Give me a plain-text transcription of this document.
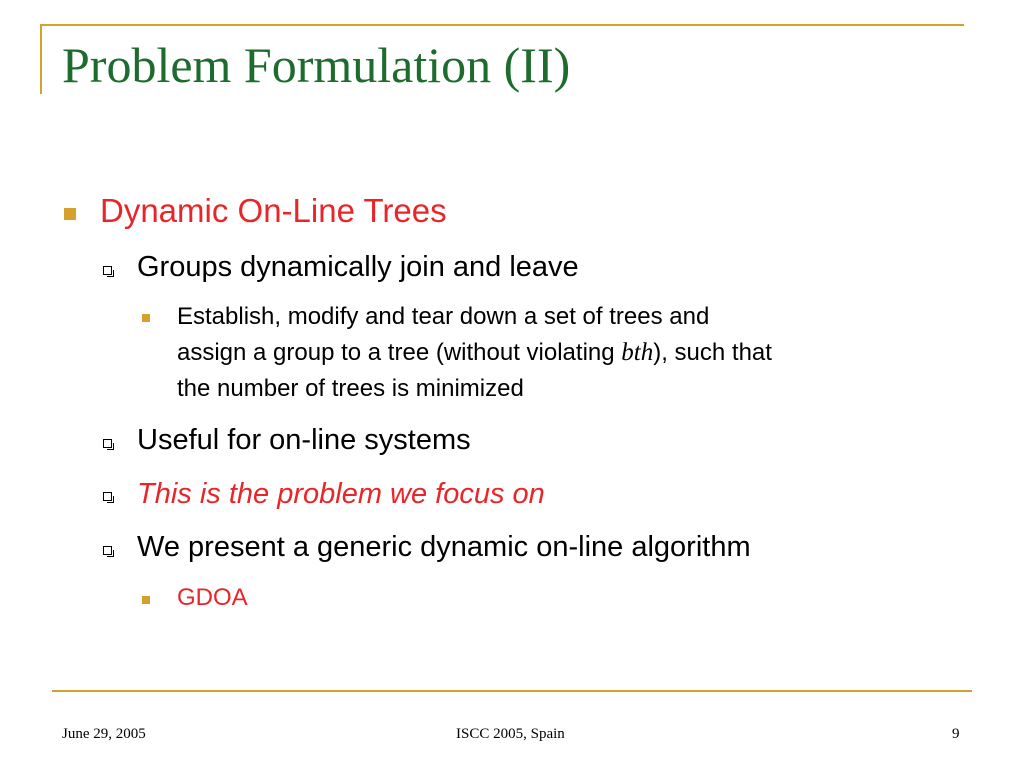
Problem Formulation (II)
Dynamic On-Line Trees
Groups dynamically join and leave
Establish, modify and tear down a set of trees and
assign a group to a tree (without violating bth), such that
the number of trees is minimized
Useful for on-line systems
This is the problem we focus on
We present a generic dynamic on-line algorithm
GDOA
June 29, 2005	ISCC 2005, Spain	9
